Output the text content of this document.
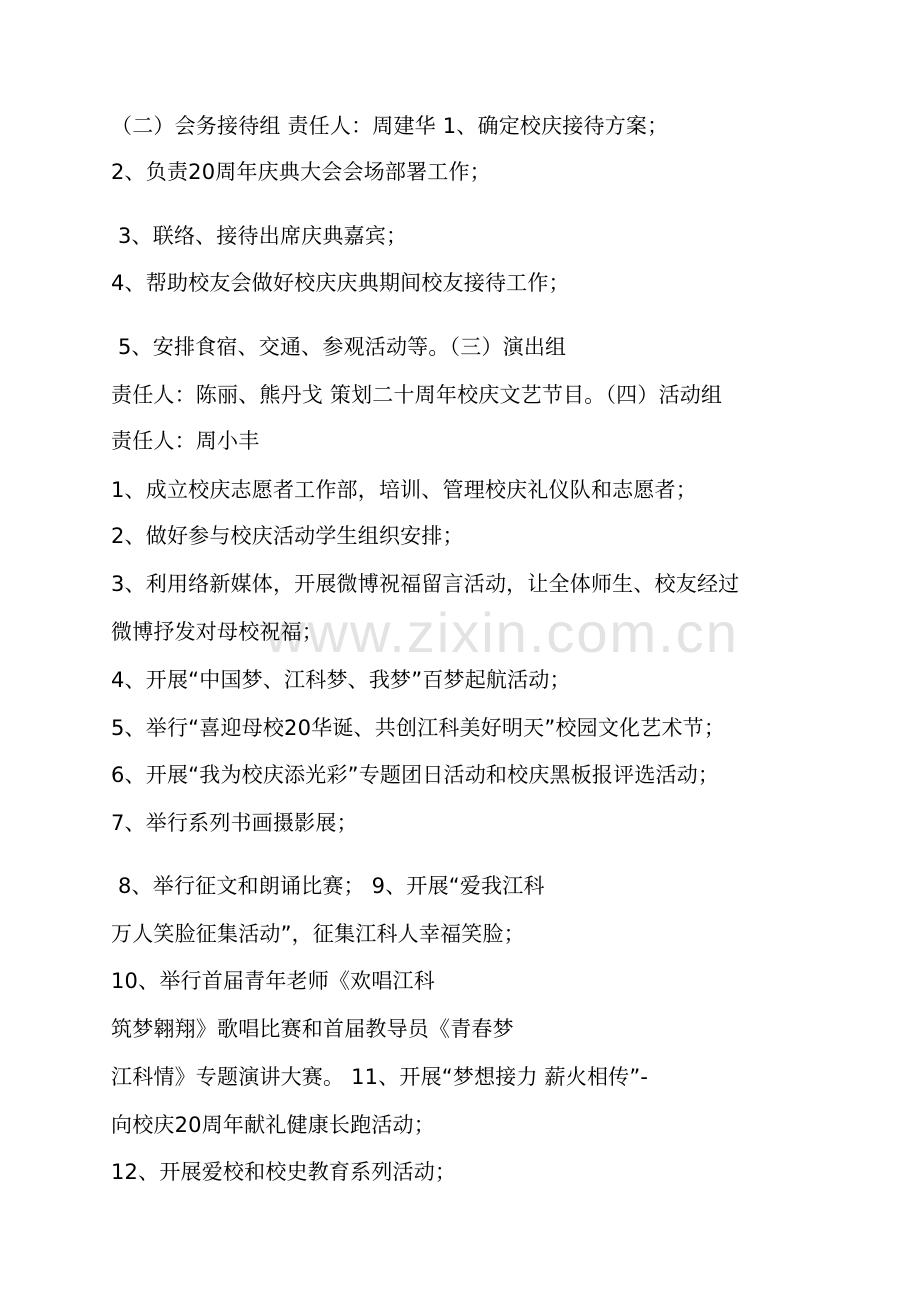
www.zixin.com.cn
（二）会务接待组 责任人：周建华 1、确定校庆接待方案；
2、负责20周年庆典大会会场部署工作；
3、联络、接待出席庆典嘉宾；
4、帮助校友会做好校庆庆典期间校友接待工作；
5、安排食宿、交通、参观活动等。（三）演出组
责任人：陈丽、熊丹戈 策划二十周年校庆文艺节目。（四）活动组
责任人：周小丰
1、成立校庆志愿者工作部，培训、管理校庆礼仪队和志愿者；
2、做好参与校庆活动学生组织安排；
3、利用络新媒体，开展微博祝福留言活动，让全体师生、校友经过
微博抒发对母校祝福；
4、开展“中国梦、江科梦、我梦”百梦起航活动；
5、举行“喜迎母校20华诞、共创江科美好明天”校园文化艺术节；
6、开展“我为校庆添光彩”专题团日活动和校庆黑板报评选活动；
7、举行系列书画摄影展；
8、举行征文和朗诵比赛； 9、开展“爱我江科
万人笑脸征集活动”，征集江科人幸福笑脸；
10、举行首届青年老师《欢唱江科
筑梦翱翔》歌唱比赛和首届教导员《青春梦
江科情》专题演讲大赛。 11、开展“梦想接力 薪火相传”-
向校庆20周年献礼健康长跑活动；
12、开展爱校和校史教育系列活动；
